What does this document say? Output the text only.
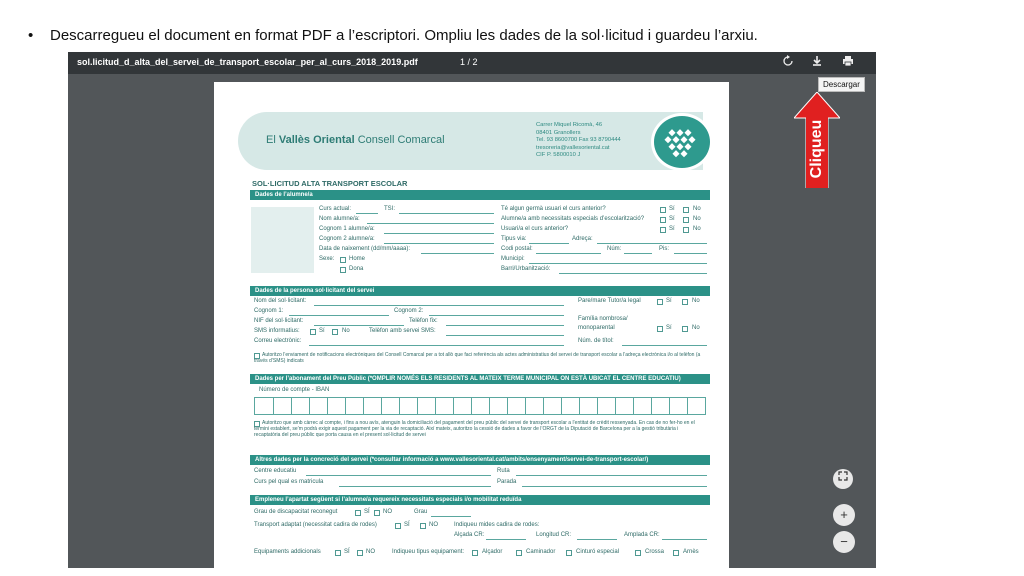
• Descarregueu el document en format PDF a l’escriptori. Ompliu les dades de la sol·licitud i guardeu l’arxiu.
sol.licitud_d_alta_del_servei_de_transport_escolar_per_al_curs_2018_2019.pdf	1 / 2
Descargar
El Vallès Oriental Consell Comarcal
Carrer Miquel Ricomà, 46
08401 Granollers
Tel. 93 8600700 Fax 93 8790444
tresoreria@vallesoriental.cat
CIF P. 5800010 J
SOL·LICITUD ALTA TRANSPORT ESCOLAR
Dades de l’alumne/a
Curs actual:	TSI:
Nom alumne/a:
Cognom 1 alumne/a:
Cognom 2 alumne/a:
Data de naixement (dd/mm/aaaa):
Sexe: Home
Dona
Té algun germà usuari el curs anterior?	Sí	No
Alumne/a amb necessitats especials d’escolarització?	Sí	No
Usuari/a el curs anterior?	Sí	No
Tipus via:	Adreça:
Codi postal:	Núm:	Pis:
Municipi:
Barri/Urbanització:
Dades de la persona sol·licitant del servei
Nom del sol·licitant:
Cognom 1:	Cognom 2:
NIF del sol·licitant:	Telèfon fix:
SMS informatius:	Sí	No	Telèfon amb servei SMS:
Correu electrònic:
Pare/mare Tutor/a legal	Sí	No
Família nombrosa/
monoparental	Sí	No
Núm. de títol:
Autoritzo l’enviament de notificacions electròniques del Consell Comarcal per a tot allò que faci referència als actes administratius del servei de transport escolar a l’adreça electrònica i/o al telèfon (a través d’SMS) indicats
Dades per l’abonament del Preu Públic (*OMPLIR NOMÉS ELS RESIDENTS AL MATEIX TERME MUNICIPAL ON ESTÀ UBICAT EL CENTRE EDUCATIU)
Número de compte - IBAN
Autoritzo que amb càrrec al compte, i fins a nou avís, atenguin la domiciliació del pagament del preu públic del servei de transport escolar a l’entitat de crèdit ressenyada. En cas de no fer-ho en el termini establert, se’m podrà exigir aquest pagament per la via de recaptació. Així mateix, autoritzo la cessió de dades a favor de l’ORGT de la Diputació de Barcelona per a la gestió tributària i recaptatòria del preu públic que porta causa en el present sol·licitud de servei
Altres dades per la concreció del servei (*consultar informació a www.vallesoriental.cat/ambits/ensenyament/servei-de-transport-escolar/)
Centre educatiu	Ruta
Curs pel qual es matricula	Parada
Empleneu l’apartat següent si l’alumne/a requereix necessitats especials i/o mobilitat reduïda
Grau de discapacitat reconegut	SÍ NO	Grau
Transport adaptat (necessitat cadira de rodes)	SÍ	NO	Indiqueu mides cadira de rodes:
Alçada CR:	Longitud CR:	Amplada CR:
Equipaments addicionals	SÍ	NO	Indiqueu tipus equipament:	Alçador	Caminador	Cinturó especial	Crossa	Arnès
+
−
Cliqueu
